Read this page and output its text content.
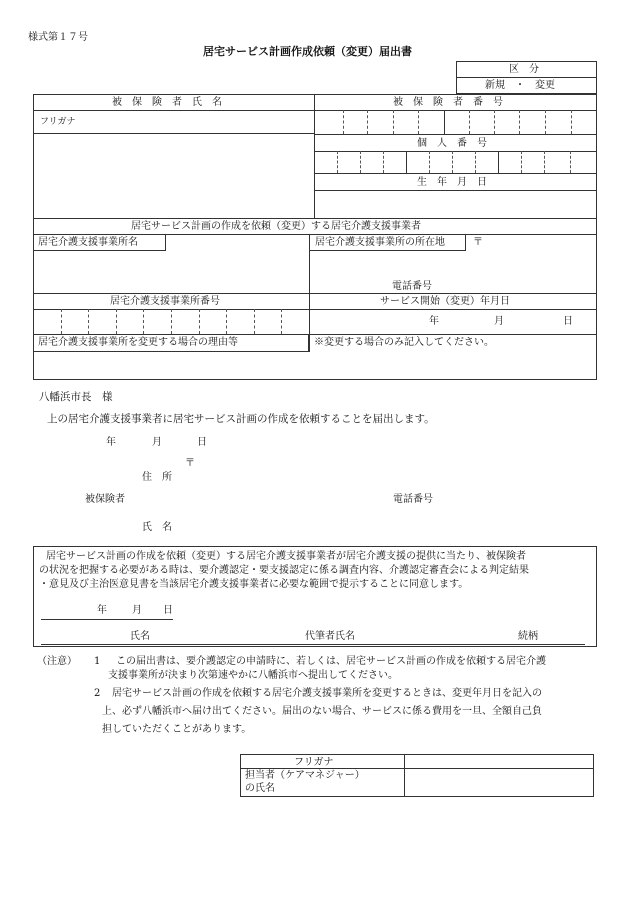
様式第１７号
居宅サービス計画作成依頼（変更）届出書
区　分
新規　・　変更
被　保　険　者　氏　名	被　保　険　者　番　号
フリガナ
個　人　番　号
生　年　月　日
居宅サービス計画の作成を依頼（変更）する居宅介護支援事業者
居宅介護支援事業所名	居宅介護支援事業所の所在地	〒
電話番号
居宅介護支援事業所番号	サービス開始（変更）年月日
年	月	日
居宅介護支援事業所を変更する場合の理由等	※変更する場合のみ記入してください。
八幡浜市長　様
上の居宅介護支援事業者に居宅サービス計画の作成を依頼することを届出します。
年	月	日
〒
住　所
被保険者	電話番号
氏　名
居宅サービス計画の作成を依頼（変更）する居宅介護支援事業者が居宅介護支援の提供に当たり、被保険者
の状況を把握する必要がある時は、要介護認定・要支援認定に係る調査内容、介護認定審査会による判定結果
・意見及び主治医意見書を当該居宅介護支援事業者に必要な範囲で提示することに同意します。
年	月 日
氏名	代筆者氏名	続柄
（注意） 1 この届出書は、要介護認定の申請時に、若しくは、居宅サービス計画の作成を依頼する居宅介護
支援事業所が決まり次第速やかに八幡浜市へ提出してください。
2 居宅サービス計画の作成を依頼する居宅介護支援事業所を変更するときは、変更年月日を記入の
上、必ず八幡浜市へ届け出てください。届出のない場合、サービスに係る費用を一旦、全額自己負
担していただくことがあります。
フリガナ
担当者（ケアマネジャー）
の氏名
